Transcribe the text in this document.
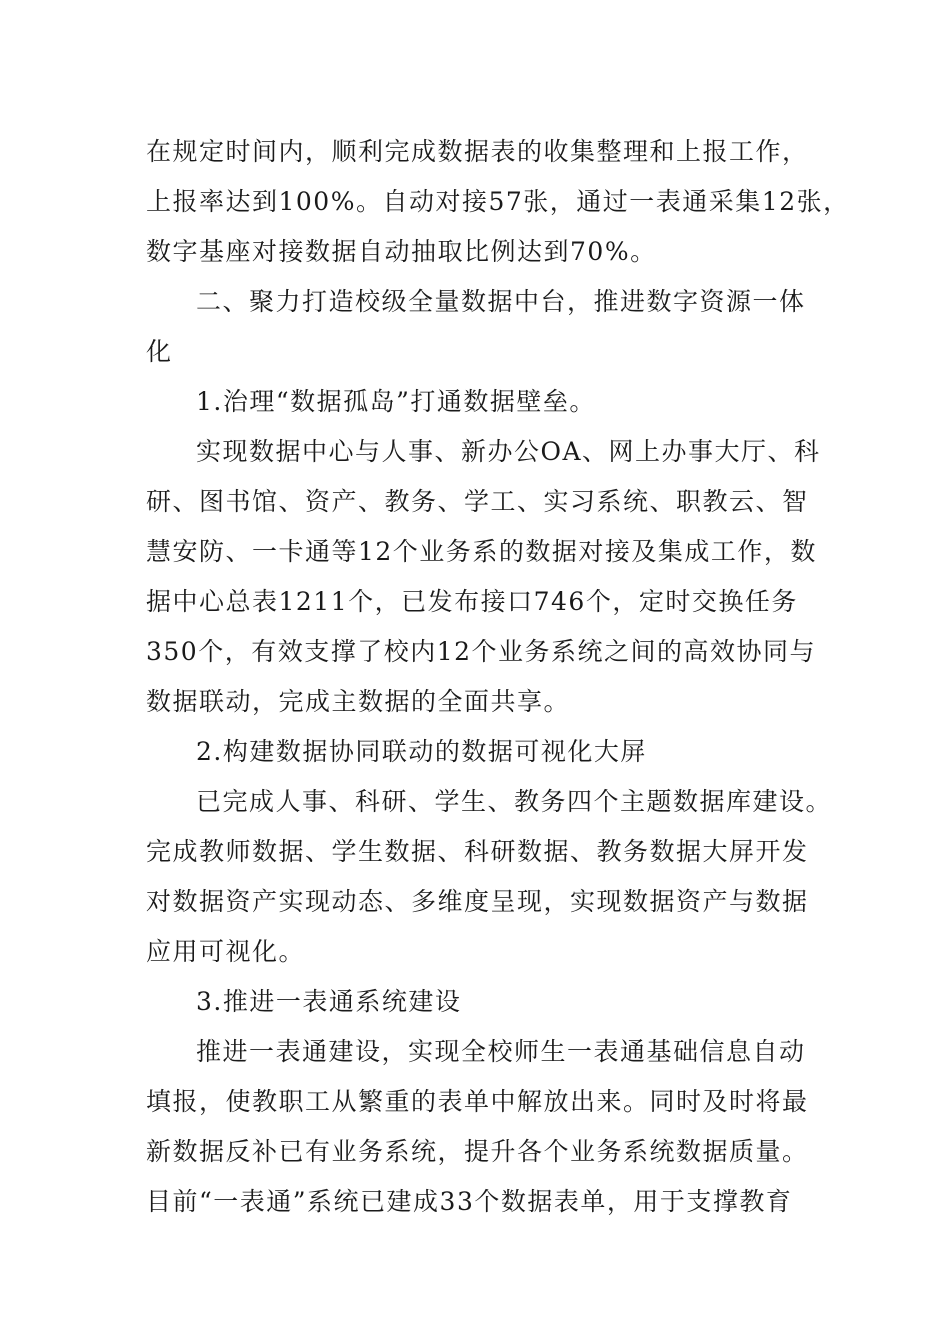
在规定时间内，顺利完成数据表的收集整理和上报工作，
上报率达到100%。自动对接57张，通过一表通采集12张，
数字基座对接数据自动抽取比例达到70%。
二、聚力打造校级全量数据中台，推进数字资源一体
化
1.治理“数据孤岛”打通数据壁垒。
实现数据中心与人事、新办公OA、网上办事大厅、科
研、图书馆、资产、教务、学工、实习系统、职教云、智
慧安防、一卡通等12个业务系的数据对接及集成工作，数
据中心总表1211个，已发布接口746个，定时交换任务
350个，有效支撑了校内12个业务系统之间的高效协同与
数据联动，完成主数据的全面共享。
2.构建数据协同联动的数据可视化大屏
已完成人事、科研、学生、教务四个主题数据库建设。
完成教师数据、学生数据、科研数据、教务数据大屏开发
对数据资产实现动态、多维度呈现，实现数据资产与数据
应用可视化。
3.推进一表通系统建设
推进一表通建设，实现全校师生一表通基础信息自动
填报，使教职工从繁重的表单中解放出来。同时及时将最
新数据反补已有业务系统，提升各个业务系统数据质量。
目前“一表通”系统已建成33个数据表单，用于支撑教育
